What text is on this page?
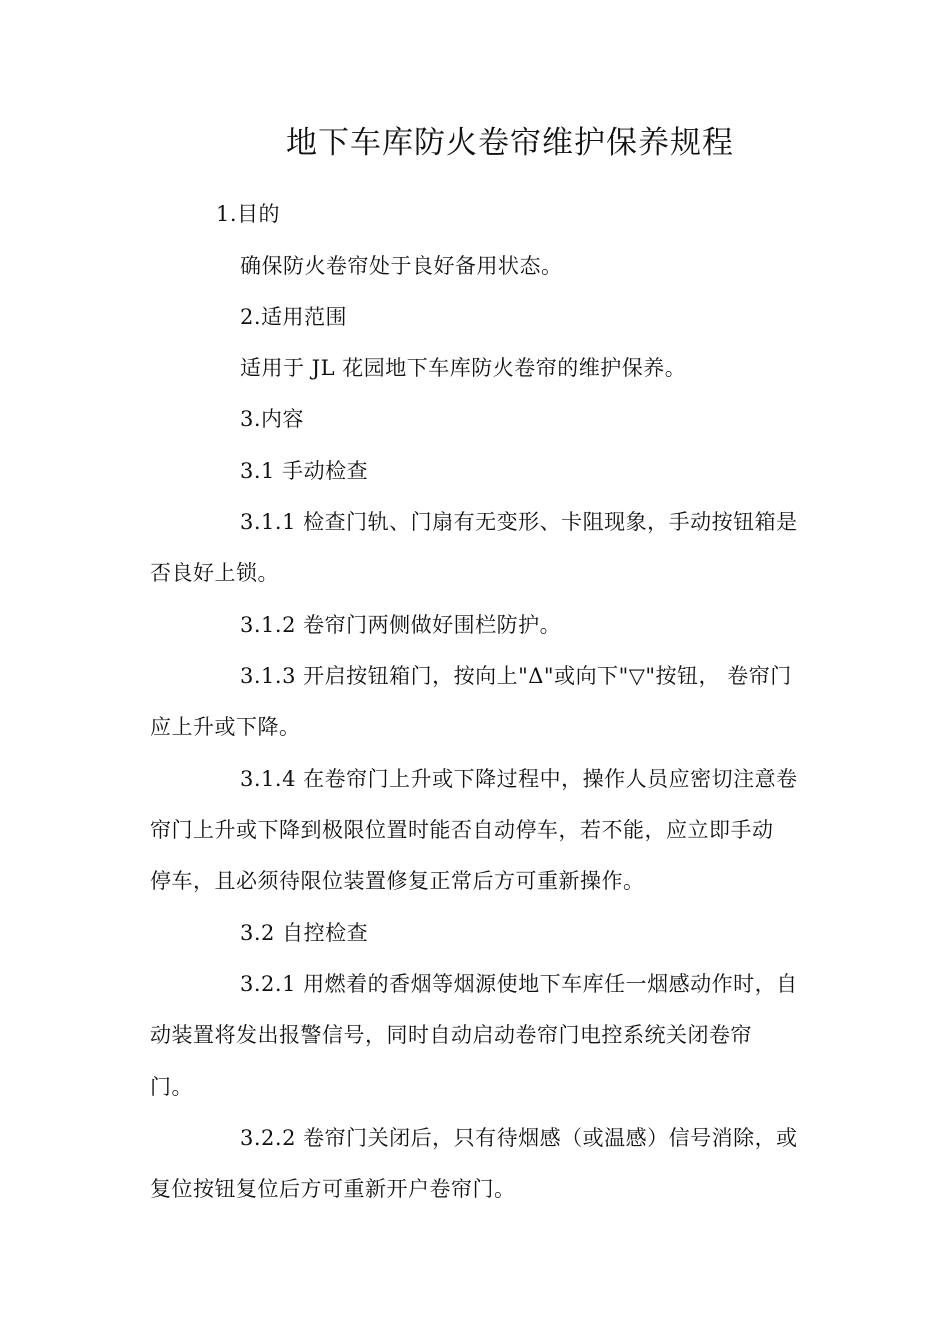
地下车库防火卷帘维护保养规程
1.目的
确保防火卷帘处于良好备用状态。
2.适用范围
适用于 JL 花园地下车库防火卷帘的维护保养。
3.内容
3.1 手动检查
3.1.1 检查门轨、门扇有无变形、卡阻现象，手动按钮箱是
否良好上锁。
3.1.2 卷帘门两侧做好围栏防护。
3.1.3 开启按钮箱门，按向上"Δ"或向下"▽"按钮， 卷帘门
应上升或下降。
3.1.4 在卷帘门上升或下降过程中，操作人员应密切注意卷
帘门上升或下降到极限位置时能否自动停车，若不能，应立即手动
停车，且必须待限位装置修复正常后方可重新操作。
3.2 自控检查
3.2.1 用燃着的香烟等烟源使地下车库任一烟感动作时，自
动装置将发出报警信号，同时自动启动卷帘门电控系统关闭卷帘
门。
3.2.2 卷帘门关闭后，只有待烟感（或温感）信号消除，或
复位按钮复位后方可重新开户卷帘门。
